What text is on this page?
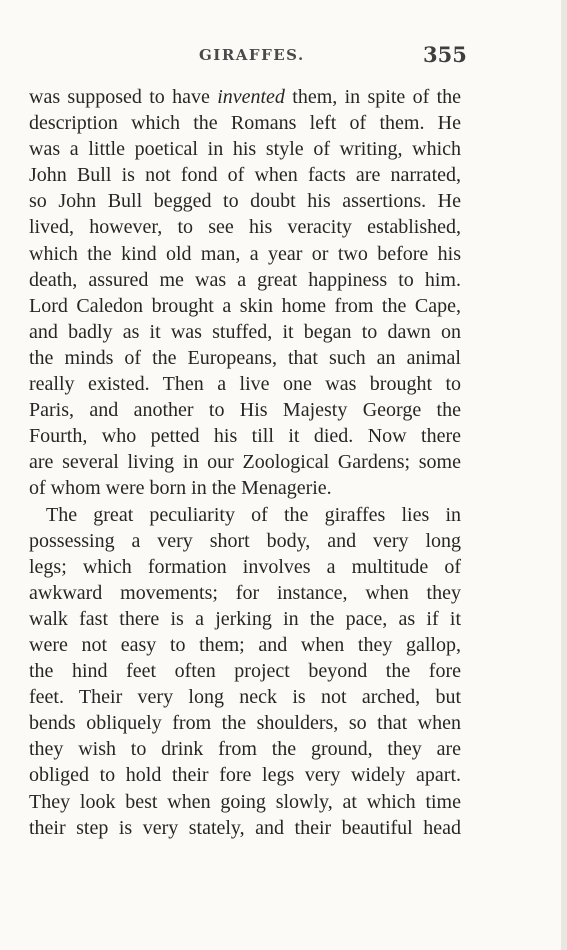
GIRAFFES.	355
was supposed to have invented them, in spite of the
description which the Romans left of them. He
was a little poetical in his style of writing, which
John Bull is not fond of when facts are narrated,
so John Bull begged to doubt his assertions. He
lived, however, to see his veracity established,
which the kind old man, a year or two before his
death, assured me was a great happiness to him.
Lord Caledon brought a skin home from the Cape,
and badly as it was stuffed, it began to dawn on
the minds of the Europeans, that such an animal
really existed. Then a live one was brought to
Paris, and another to His Majesty George the
Fourth, who petted his till it died. Now there
are several living in our Zoological Gardens; some
of whom were born in the Menagerie.
The great peculiarity of the giraffes lies in
possessing a very short body, and very long
legs; which formation involves a multitude of
awkward movements; for instance, when they
walk fast there is a jerking in the pace, as if it
were not easy to them; and when they gallop,
the hind feet often project beyond the fore
feet. Their very long neck is not arched, but
bends obliquely from the shoulders, so that when
they wish to drink from the ground, they are
obliged to hold their fore legs very widely apart.
They look best when going slowly, at which time
their step is very stately, and their beautiful head
